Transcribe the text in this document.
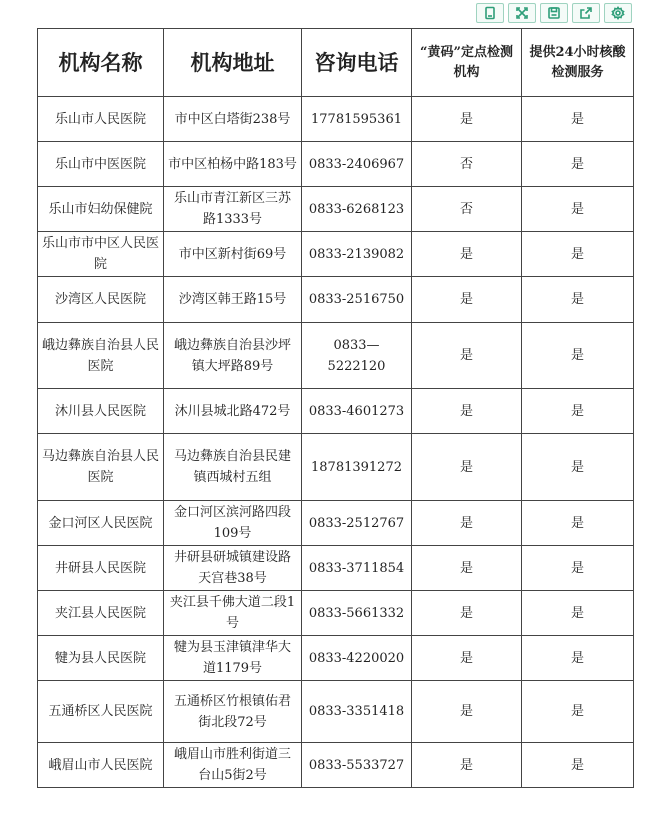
机构名称	机构地址	咨询电话	“黄码”定点检测机构	提供24小时核酸检测服务
乐山市人民医院	市中区白塔街238号	17781595361	是	是
乐山市中医医院	市中区柏杨中路183号	0833-2406967	否	是
乐山市妇幼保健院	乐山市青江新区三苏路1333号	0833-6268123	否	是
乐山市市中区人民医院	市中区新村街69号	0833-2139082	是	是
沙湾区人民医院	沙湾区韩王路15号	0833-2516750	是	是
峨边彝族自治县人民医院	峨边彝族自治县沙坪镇大坪路89号	0833—5222120	是	是
沐川县人民医院	沐川县城北路472号	0833-4601273	是	是
马边彝族自治县人民医院	马边彝族自治县民建镇西城村五组	18781391272	是	是
金口河区人民医院	金口河区滨河路四段109号	0833-2512767	是	是
井研县人民医院	井研县研城镇建设路天宫巷38号	0833-3711854	是	是
夹江县人民医院	夹江县千佛大道二段1号	0833-5661332	是	是
犍为县人民医院	犍为县玉津镇津华大道1179号	0833-4220020	是	是
五通桥区人民医院	五通桥区竹根镇佑君街北段72号	0833-3351418	是	是
峨眉山市人民医院	峨眉山市胜利街道三台山5街2号	0833-5533727	是	是
